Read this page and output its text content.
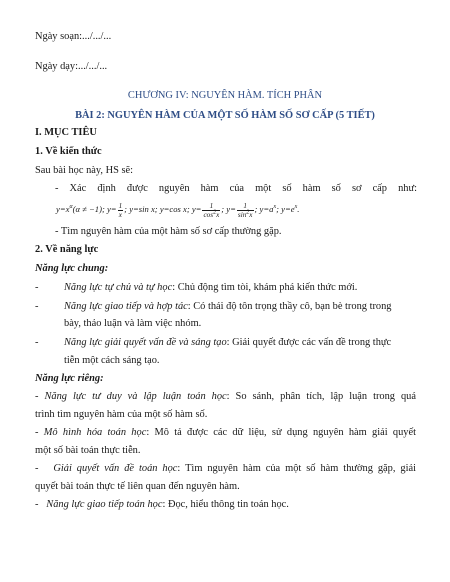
Ngày soạn:.../.../...
Ngày dạy:.../.../...
CHƯƠNG IV: NGUYÊN HÀM. TÍCH PHÂN
BÀI 2: NGUYÊN HÀM CỦA MỘT SỐ HÀM SỐ SƠ CẤP (5 TIẾT)
I. MỤC TIÊU
1. Về kiến thức
Sau bài học này, HS sẽ:
- Xác định được nguyên hàm của một số hàm số sơ cấp như:
$y=x^\alpha(\alpha \ne -1)$; $y= \frac{1}{x}$ ; y=sin x; y=cos x; $y= \frac{1}{\cos^2x}$ ; $y= \frac{1}{\sin^2x}$ ; $y=a^x$; $y=e^x$.
- Tìm nguyên hàm của một hàm số sơ cấp thường gặp.
2. Về năng lực
Năng lực chung:
- Năng lực tự chủ và tự học: Chủ động tìm tòi, khám phá kiến thức mới.
- Năng lực giao tiếp và hợp tác: Có thái độ tôn trọng thầy cô, bạn bè trong trong
bày, thảo luận và làm việc nhóm.
- Năng lực giải quyết vấn đề và sáng tạo: Giải quyết được các vấn đề trong thực
tiễn một cách sáng tạo.
Năng lực riêng:
- Năng lực tư duy và lập luận toán học: So sánh, phân tích, lập luận trong quá
trình tìm nguyên hàm của một số hàm số.
- Mô hình hóa toán học: Mô tả được các dữ liệu, sử dụng nguyên hàm giải quyết
một số bài toán thực tiễn.
- Giải quyết vấn đề toán học: Tìm nguyên hàm của một số hàm thường gặp, giải
quyết bài toán thực tế liên quan đến nguyên hàm.
- Năng lực giao tiếp toán học: Đọc, hiểu thông tin toán học.
